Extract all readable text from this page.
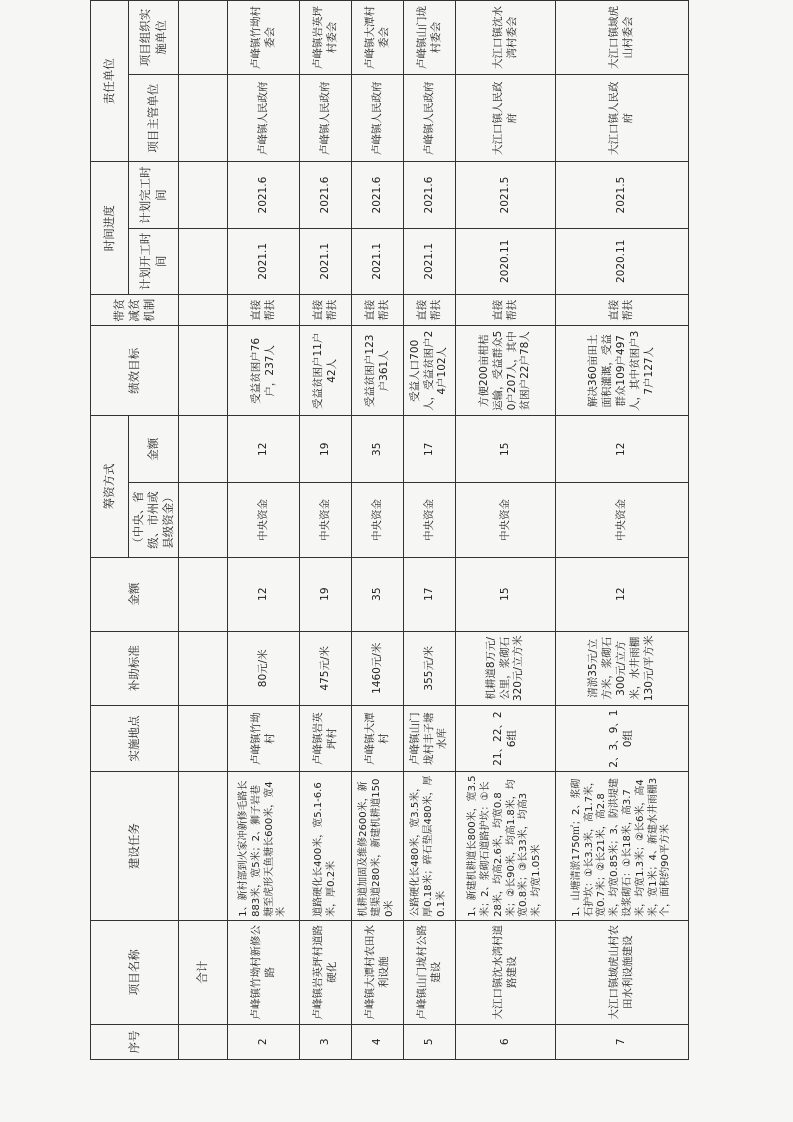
序号	项目名称	建设任务	实施地点	补助标准	金额	筹资方式		绩效目标	带贫减贫机制	时间进度		责任单位	
						（中央、省级、市州或县级资金）	金额			计划开工时间	计划完工时间	项目主管单位	项目组织实施单位
	合计												
2	卢峰镇竹坳村新修公路	1、新村部到火家冲新修毛路长883米，宽5米；2、狮子岩巷塘至虎形天鱼塘长600米，宽4米	卢峰镇竹坳村	80元/米	12	中央资金	12	受益贫困户76户，237人	直接帮扶	2021.1	2021.6	卢峰镇人民政府	卢峰镇竹坳村委会
3	卢峰镇岩英坪村道路硬化	道路硬化长400米，宽5.1-6.6米，厚0.2米	卢峰镇岩英坪村	475元/米	19	中央资金	19	受益贫困户11户42人	直接帮扶	2021.1	2021.6	卢峰镇人民政府	卢峰镇岩英坪村委会
4	卢峰镇大潭村农田水利设施	机耕道加固及维修2600米，新建渠道280米，新建机耕道1500米	卢峰镇大潭村	1460元/米	35	中央资金	35	受益贫困户123户361人	直接帮扶	2021.1	2021.6	卢峰镇人民政府	卢峰镇大潭村委会
5	卢峰镇山门垅村公路建设	公路硬化长480米，宽3.5米，厚0.18米；碎石垫层480米，厚0.1米	卢峰镇山门垅村丰子塘水库	355元/米	17	中央资金	17	受益人口700人，受益贫困户24户102人	直接帮扶	2021.1	2021.6	卢峰镇人民政府	卢峰镇山门垅村委会
6	大江口镇沈水湾村道路建设	1、新建机耕道长800米，宽3.5米；2、浆砌石道路护坎：①长28米，均高2.6米，均宽0.8米；②长90米，均高1.8米，均宽0.8米；③长33米，均高3米，均宽1.05米	21、22、26组	机耕道8万元/公里，浆砌石320元/立方米	15	中央资金	15	方便200亩柑桔运输，受益群众50户207人，其中贫困户22户78人	直接帮扶	2020.11	2021.5	大江口镇人民政府	大江口镇沈水湾村委会
7	大江口镇域虎山村农田水利设施建设	1、山塘清淤1750㎡；2、浆砌石护坎：①长3.3米，高1.7米，宽0.7米；②长21米，高2.8米，均宽0.85米；3、防洪堤建设浆砌石：①长18米，高3.7米，均宽1.3米；②长6米，高4米，宽1米；4、新建水井雨棚3个，面积约90平方米	2、3、9、10组	清淤35元/立方米，浆砌石300元/立方米，水井雨棚130元/平方米	12	中央资金	12	解决360亩田土面积灌溉，受益群众109户497人，其中贫困户37户127人	直接帮扶	2020.11	2021.5	大江口镇人民政府	大江口镇域虎山村委会
